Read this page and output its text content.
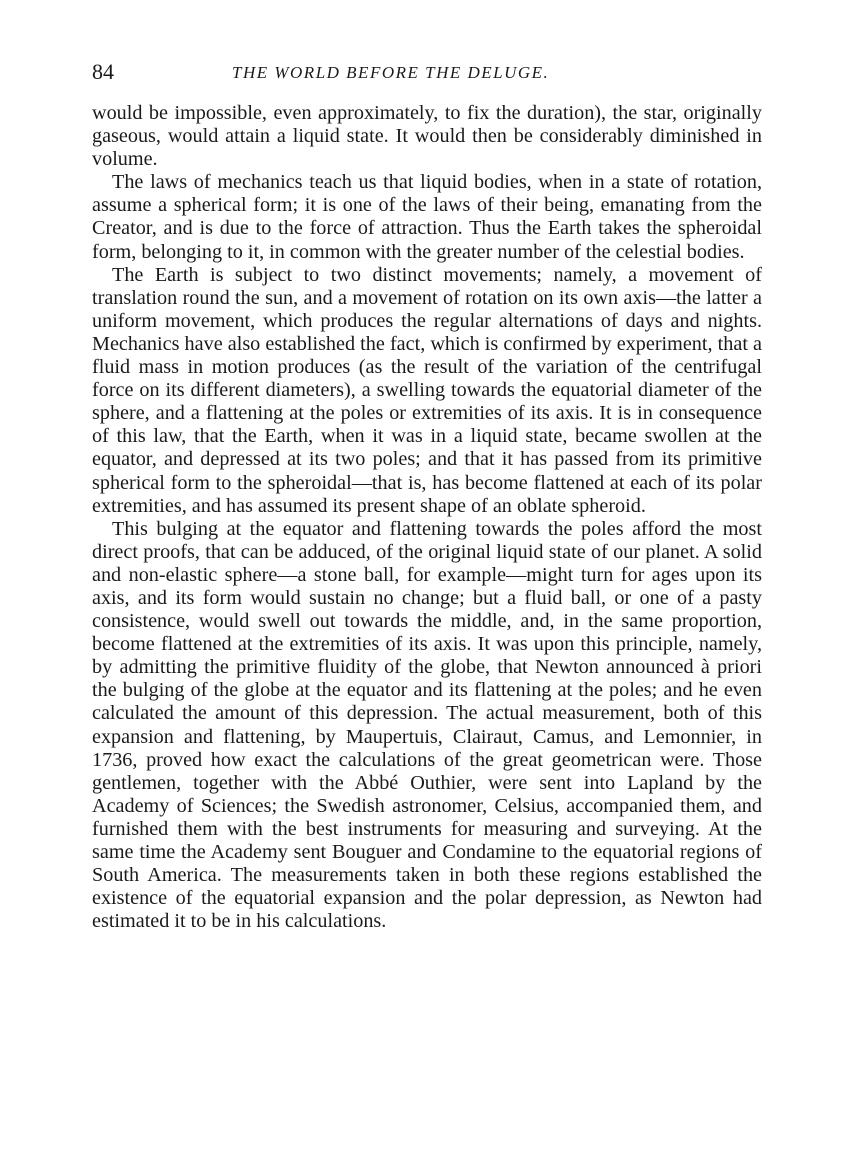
84	THE WORLD BEFORE THE DELUGE.

would be impossible, even approximately, to fix the duration), the star, originally gaseous, would attain a liquid state. It would then be considerably diminished in volume.

The laws of mechanics teach us that liquid bodies, when in a state of rotation, assume a spherical form; it is one of the laws of their being, emanating from the Creator, and is due to the force of attraction. Thus the Earth takes the spheroidal form, belonging to it, in common with the greater number of the celestial bodies.

The Earth is subject to two distinct movements; namely, a movement of translation round the sun, and a movement of rotation on its own axis—the latter a uniform movement, which produces the regular alternations of days and nights. Mechanics have also established the fact, which is confirmed by experiment, that a fluid mass in motion produces (as the result of the variation of the centrifugal force on its different diameters), a swelling towards the equatorial diameter of the sphere, and a flattening at the poles or extremities of its axis. It is in consequence of this law, that the Earth, when it was in a liquid state, became swollen at the equator, and depressed at its two poles; and that it has passed from its primitive spherical form to the spheroidal—that is, has become flattened at each of its polar extremities, and has assumed its present shape of an oblate spheroid.

This bulging at the equator and flattening towards the poles afford the most direct proofs, that can be adduced, of the original liquid state of our planet. A solid and non-elastic sphere—a stone ball, for example—might turn for ages upon its axis, and its form would sustain no change; but a fluid ball, or one of a pasty consistence, would swell out towards the middle, and, in the same proportion, become flattened at the extremities of its axis. It was upon this principle, namely, by admitting the primitive fluidity of the globe, that Newton announced à priori the bulging of the globe at the equator and its flattening at the poles; and he even calculated the amount of this depression. The actual measurement, both of this expansion and flattening, by Maupertuis, Clairaut, Camus, and Lemonnier, in 1736, proved how exact the calculations of the great geometrican were. Those gentlemen, together with the Abbé Outhier, were sent into Lapland by the Academy of Sciences; the Swedish astronomer, Celsius, accompanied them, and furnished them with the best instruments for measuring and surveying. At the same time the Academy sent Bouguer and Condamine to the equatorial regions of South America. The measurements taken in both these regions established the existence of the equatorial expansion and the polar depression, as Newton had estimated it to be in his calculations.
